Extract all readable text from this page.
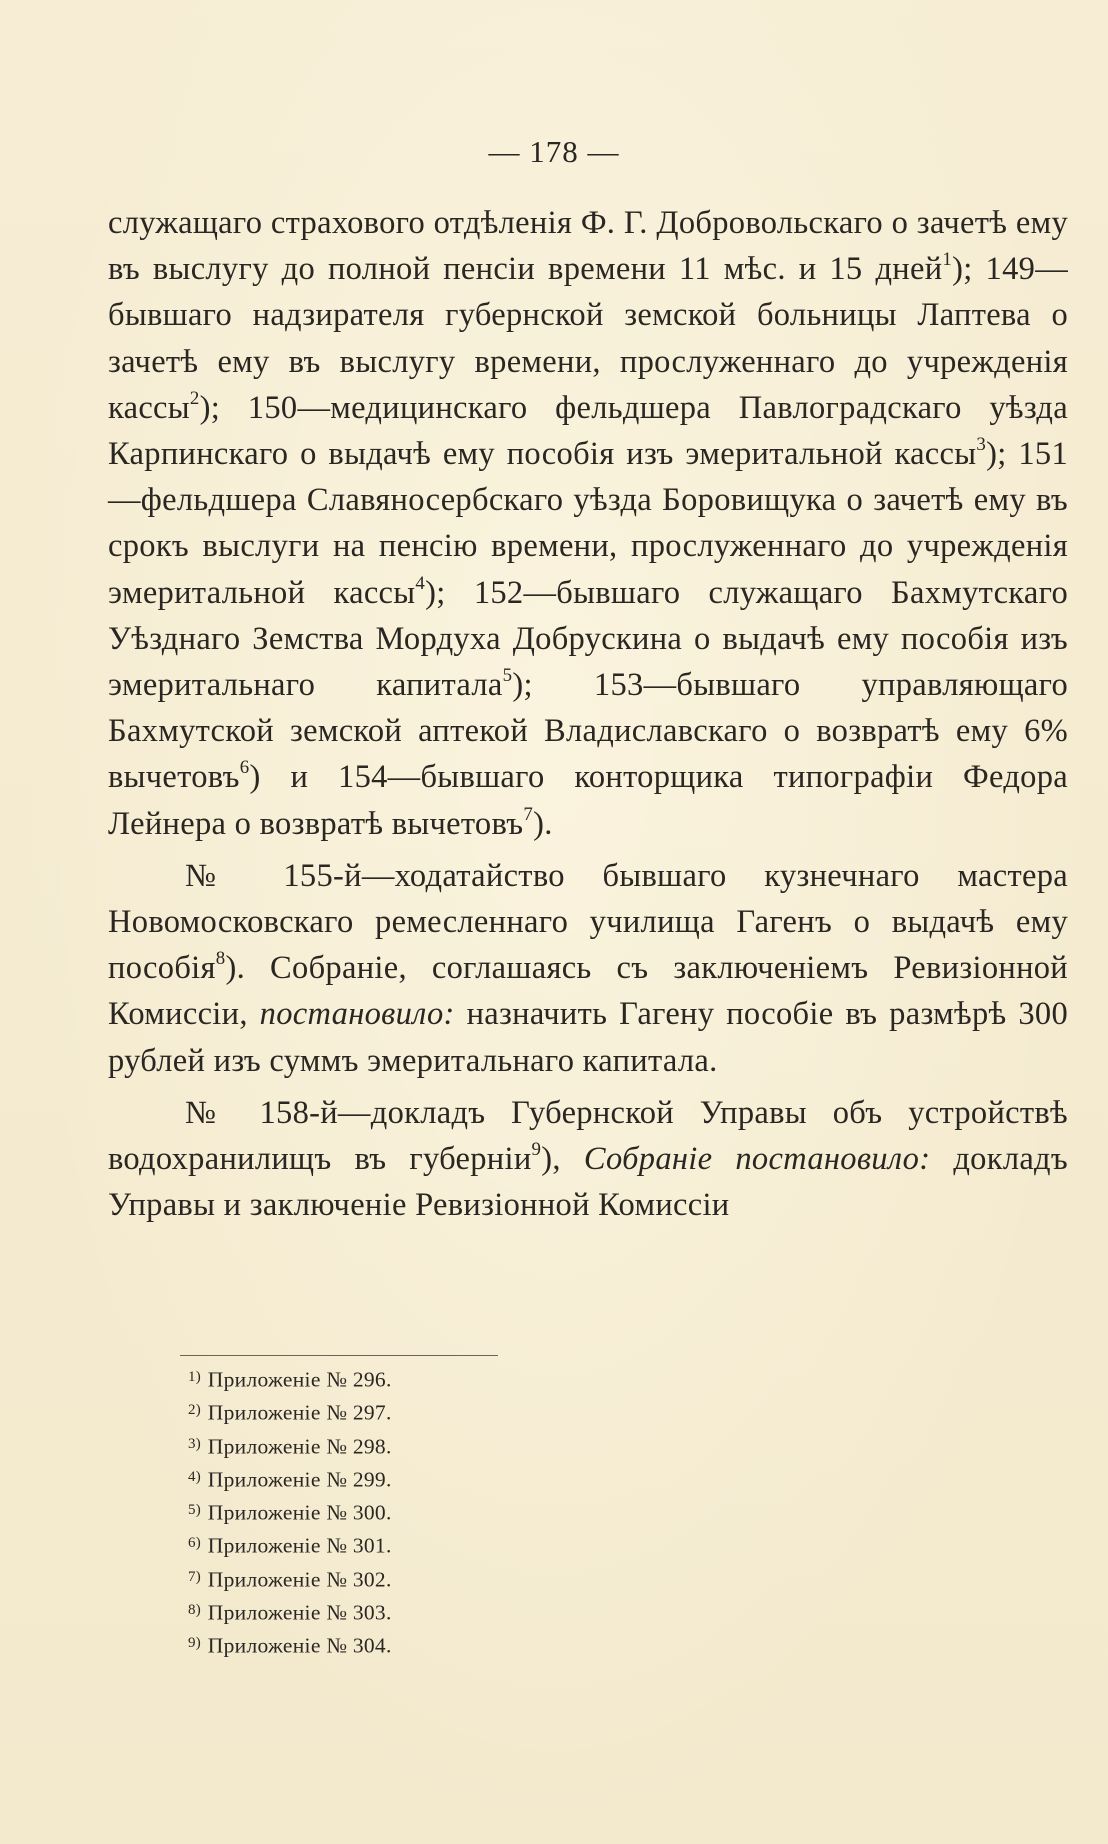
— 178 —

служащаго страхового отдѣленія Ф. Г. Добровольскаго о зачетѣ ему въ выслугу до полной пенсіи времени 11 мѣс. и 15 дней$^1$); 149—бывшаго надзирателя губернской земской больницы Лаптева о зачетѣ ему въ выслугу времени, прослуженнаго до учрежденія кассы$^2$); 150—медицинскаго фельдшера Павлоградскаго уѣзда Карпинскаго о выдачѣ ему пособія изъ эмеритальной кассы$^3$); 151—фельдшера Славяносербскаго уѣзда Боровищука о зачетѣ ему въ срокъ выслуги на пенсію времени, прослуженнаго до учрежденія эмеритальной кассы$^4$); 152—бывшаго служащаго Бахмутскаго Уѣзднаго Земства Мордуха Добрускина о выдачѣ ему пособія изъ эмеритальнаго капитала$^5$); 153—бывшаго управляющаго Бахмутской земской аптекой Владиславскаго о возвратѣ ему 6% вычетовъ$^6$) и 154—бывшаго конторщика типографіи Федора Лейнера о возвратѣ вычетовъ$^7$).

№ 155-й—ходатайство бывшаго кузнечнаго мастера Новомосковскаго ремесленнаго училища Гагенъ о выдачѣ ему пособія$^8$). Собраніе, соглашаясь съ заключеніемъ Ревизіонной Комиссіи, постановило: назначить Гагену пособіе въ размѣрѣ 300 рублей изъ суммъ эмеритальнаго капитала.

№ 158-й—докладъ Губернской Управы объ устройствѣ водохранилищъ въ губерніи$^9$), Собраніе постановило: докладъ Управы и заключеніе Ревизіонной Комиссіи

1) Приложеніе № 296.
2) Приложеніе № 297.
3) Приложеніе № 298.
4) Приложеніе № 299.
5) Приложеніе № 300.
6) Приложеніе № 301.
7) Приложеніе № 302.
8) Приложеніе № 303.
9) Приложеніе № 304.
